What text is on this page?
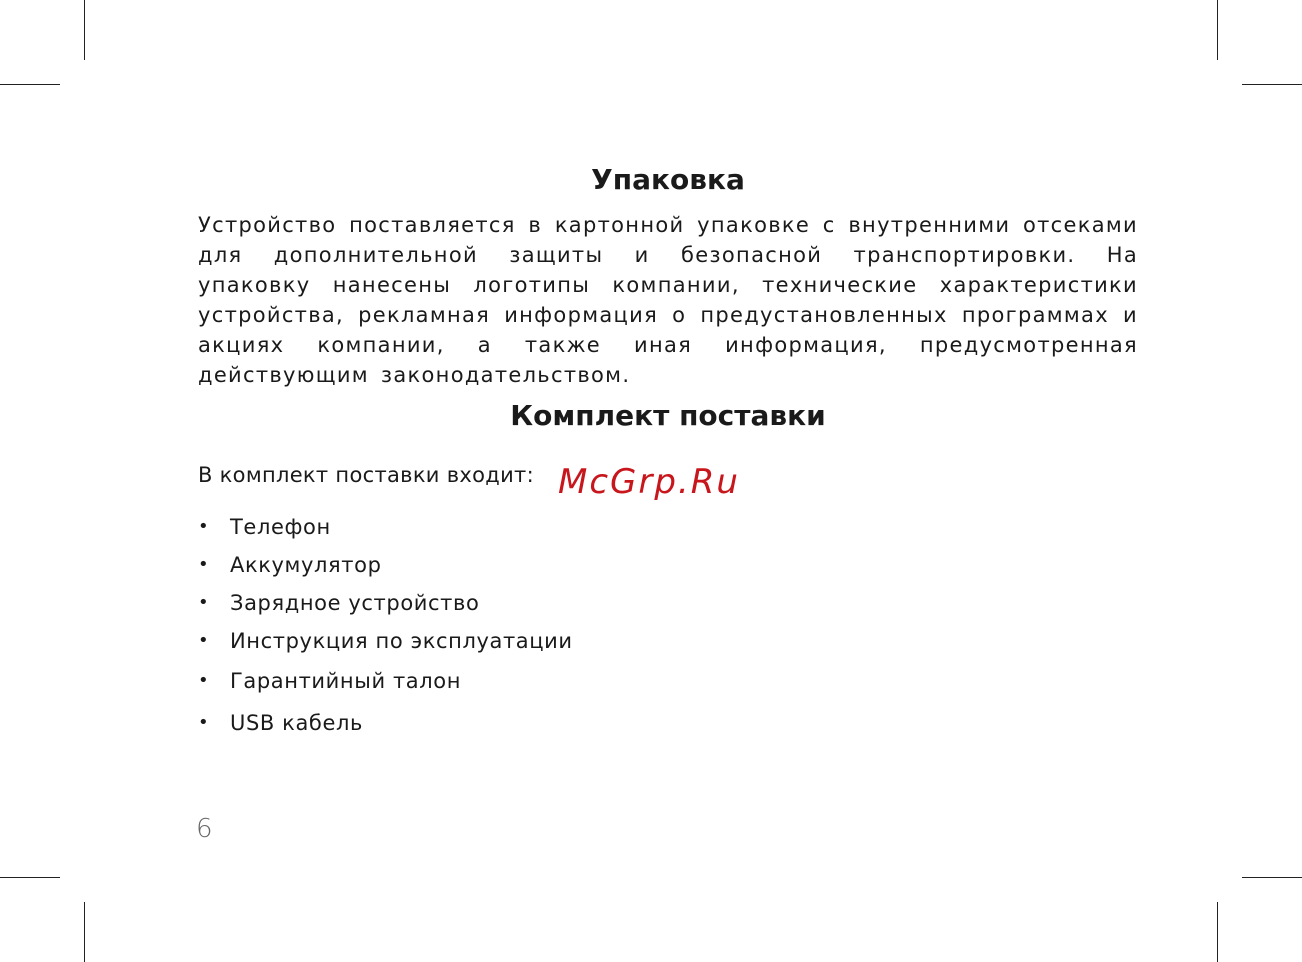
Упаковка

Устройство поставляется в картонной упаковке с внутренними отсеками для дополнительной защиты и безопасной транспортировки. На упаковку нанесены логотипы компании, технические характеристики устройства, рекламная информация о предустановленных программах и акциях компании, а также иная информация, предусмотренная действующим законодательством.

Комплект поставки

В комплект поставки входит:

• Телефон
• Аккумулятор
• Зарядное устройство
• Инструкция по эксплуатации
• Гарантийный талон
• USB кабель
McGrp.Ru
6
